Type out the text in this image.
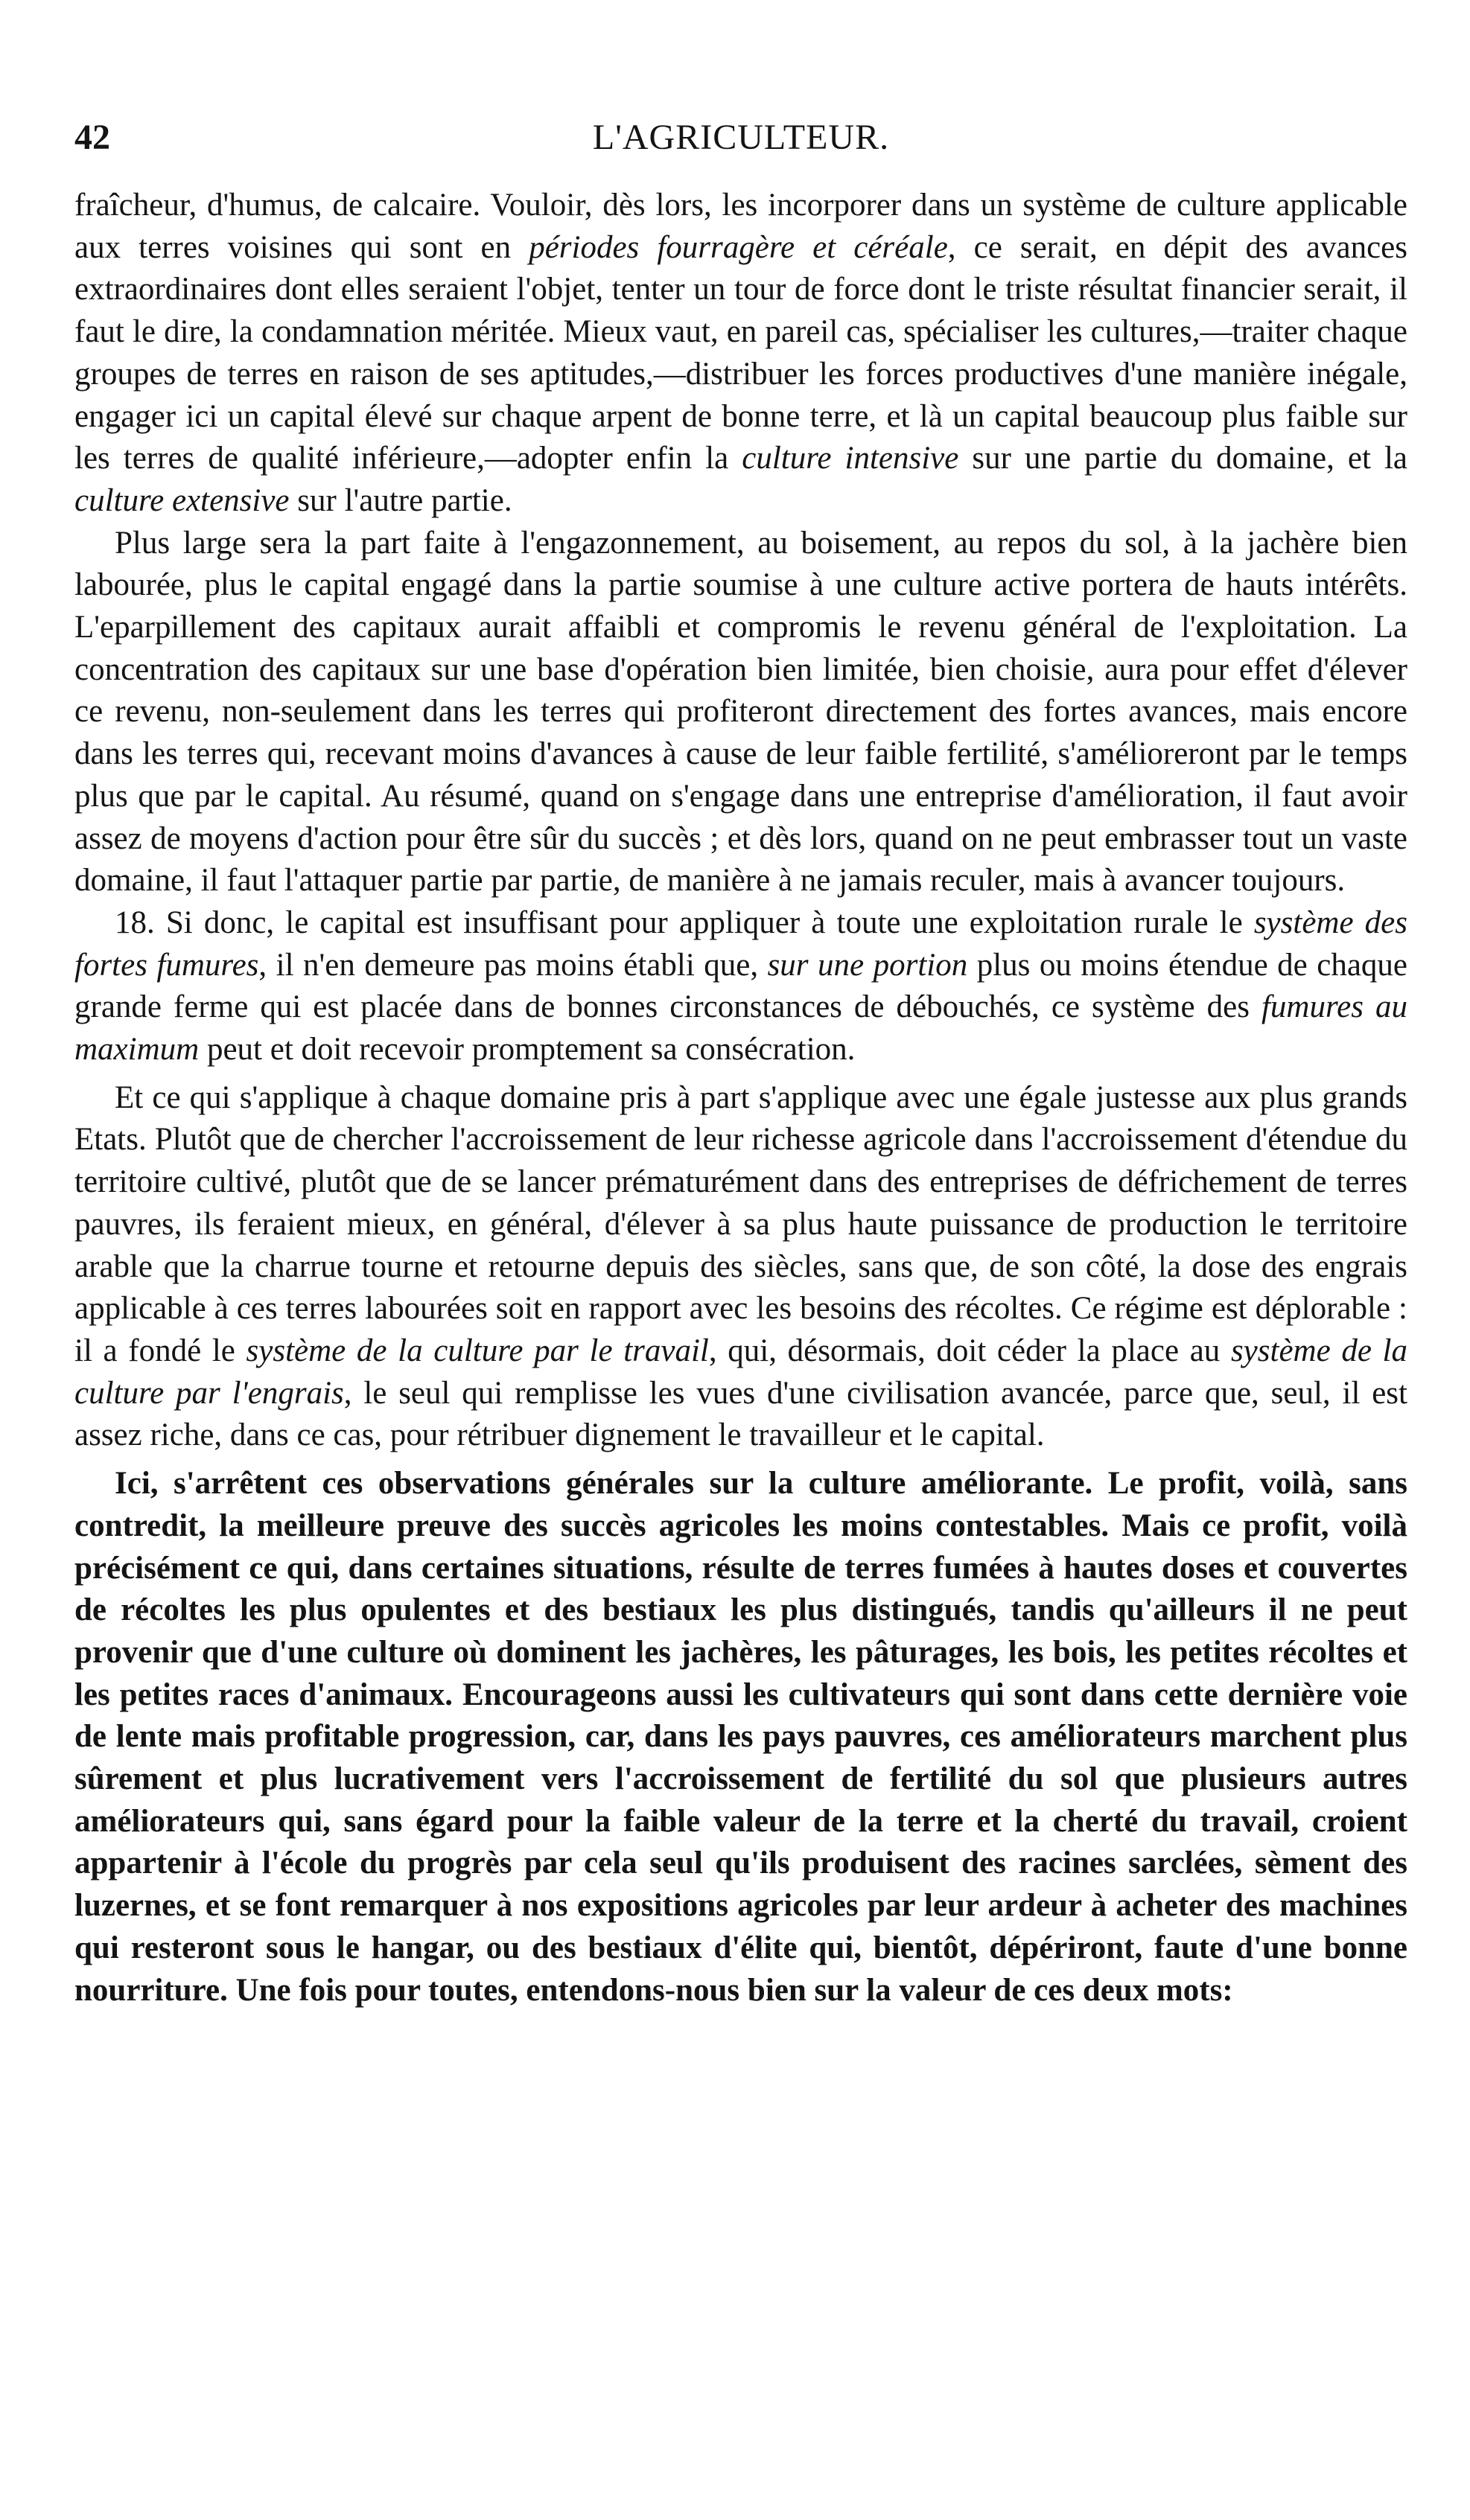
42	L'AGRICULTEUR.

fraîcheur, d'humus, de calcaire. Vouloir, dès lors, les incorporer dans un système de culture applicable aux terres voisines qui sont en périodes fourragère et céréale, ce serait, en dépit des avances extraordinaires dont elles seraient l'objet, tenter un tour de force dont le triste résultat financier serait, il faut le dire, la condamnation méritée. Mieux vaut, en pareil cas, spécialiser les cultures,—traiter chaque groupes de terres en raison de ses aptitudes,—distribuer les forces productives d'une manière inégale, engager ici un capital élevé sur chaque arpent de bonne terre, et là un capital beaucoup plus faible sur les terres de qualité inférieure,—adopter enfin la culture intensive sur une partie du domaine, et la culture extensive sur l'autre partie.

Plus large sera la part faite à l'engazonnement, au boisement, au repos du sol, à la jachère bien labourée, plus le capital engagé dans la partie soumise à une culture active portera de hauts intérêts. L'eparpillement des capitaux aurait affaibli et compromis le revenu général de l'exploitation. La concentration des capitaux sur une base d'opération bien limitée, bien choisie, aura pour effet d'élever ce revenu, non-seulement dans les terres qui profiteront directement des fortes avances, mais encore dans les terres qui, recevant moins d'avances à cause de leur faible fertilité, s'amélioreront par le temps plus que par le capital. Au résumé, quand on s'engage dans une entreprise d'amélioration, il faut avoir assez de moyens d'action pour être sûr du succès ; et dès lors, quand on ne peut embrasser tout un vaste domaine, il faut l'attaquer partie par partie, de manière à ne jamais reculer, mais à avancer toujours.

18. Si donc, le capital est insuffisant pour appliquer à toute une exploitation rurale le système des fortes fumures, il n'en demeure pas moins établi que, sur une portion plus ou moins étendue de chaque grande ferme qui est placée dans de bonnes circonstances de débouchés, ce système des fumures au maximum peut et doit recevoir promptement sa consécration.

Et ce qui s'applique à chaque domaine pris à part s'applique avec une égale justesse aux plus grands Etats. Plutôt que de chercher l'accroissement de leur richesse agricole dans l'accroissement d'étendue du territoire cultivé, plutôt que de se lancer prématurément dans des entreprises de défrichement de terres pauvres, ils feraient mieux, en général, d'élever à sa plus haute puissance de production le territoire arable que la charrue tourne et retourne depuis des siècles, sans que, de son côté, la dose des engrais applicable à ces terres labourées soit en rapport avec les besoins des récoltes. Ce régime est déplorable : il a fondé le système de la culture par le travail, qui, désormais, doit céder la place au système de la culture par l'engrais, le seul qui remplisse les vues d'une civilisation avancée, parce que, seul, il est assez riche, dans ce cas, pour rétribuer dignement le travailleur et le capital.

Ici, s'arrêtent ces observations générales sur la culture améliorante. Le profit, voilà, sans contredit, la meilleure preuve des succès agricoles les moins contestables. Mais ce profit, voilà précisément ce qui, dans certaines situations, résulte de terres fumées à hautes doses et couvertes de récoltes les plus opulentes et des bestiaux les plus distingués, tandis qu'ailleurs il ne peut provenir que d'une culture où dominent les jachères, les pâturages, les bois, les petites récoltes et les petites races d'animaux. Encourageons aussi les cultivateurs qui sont dans cette dernière voie de lente mais profitable progression, car, dans les pays pauvres, ces améliorateurs marchent plus sûrement et plus lucrativement vers l'accroissement de fertilité du sol que plusieurs autres améliorateurs qui, sans égard pour la faible valeur de la terre et la cherté du travail, croient appartenir à l'école du progrès par cela seul qu'ils produisent des racines sarclées, sèment des luzernes, et se font remarquer à nos expositions agricoles par leur ardeur à acheter des machines qui resteront sous le hangar, ou des bestiaux d'élite qui, bientôt, dépériront, faute d'une bonne nourriture. Une fois pour toutes, entendons-nous bien sur la valeur de ces deux mots:
